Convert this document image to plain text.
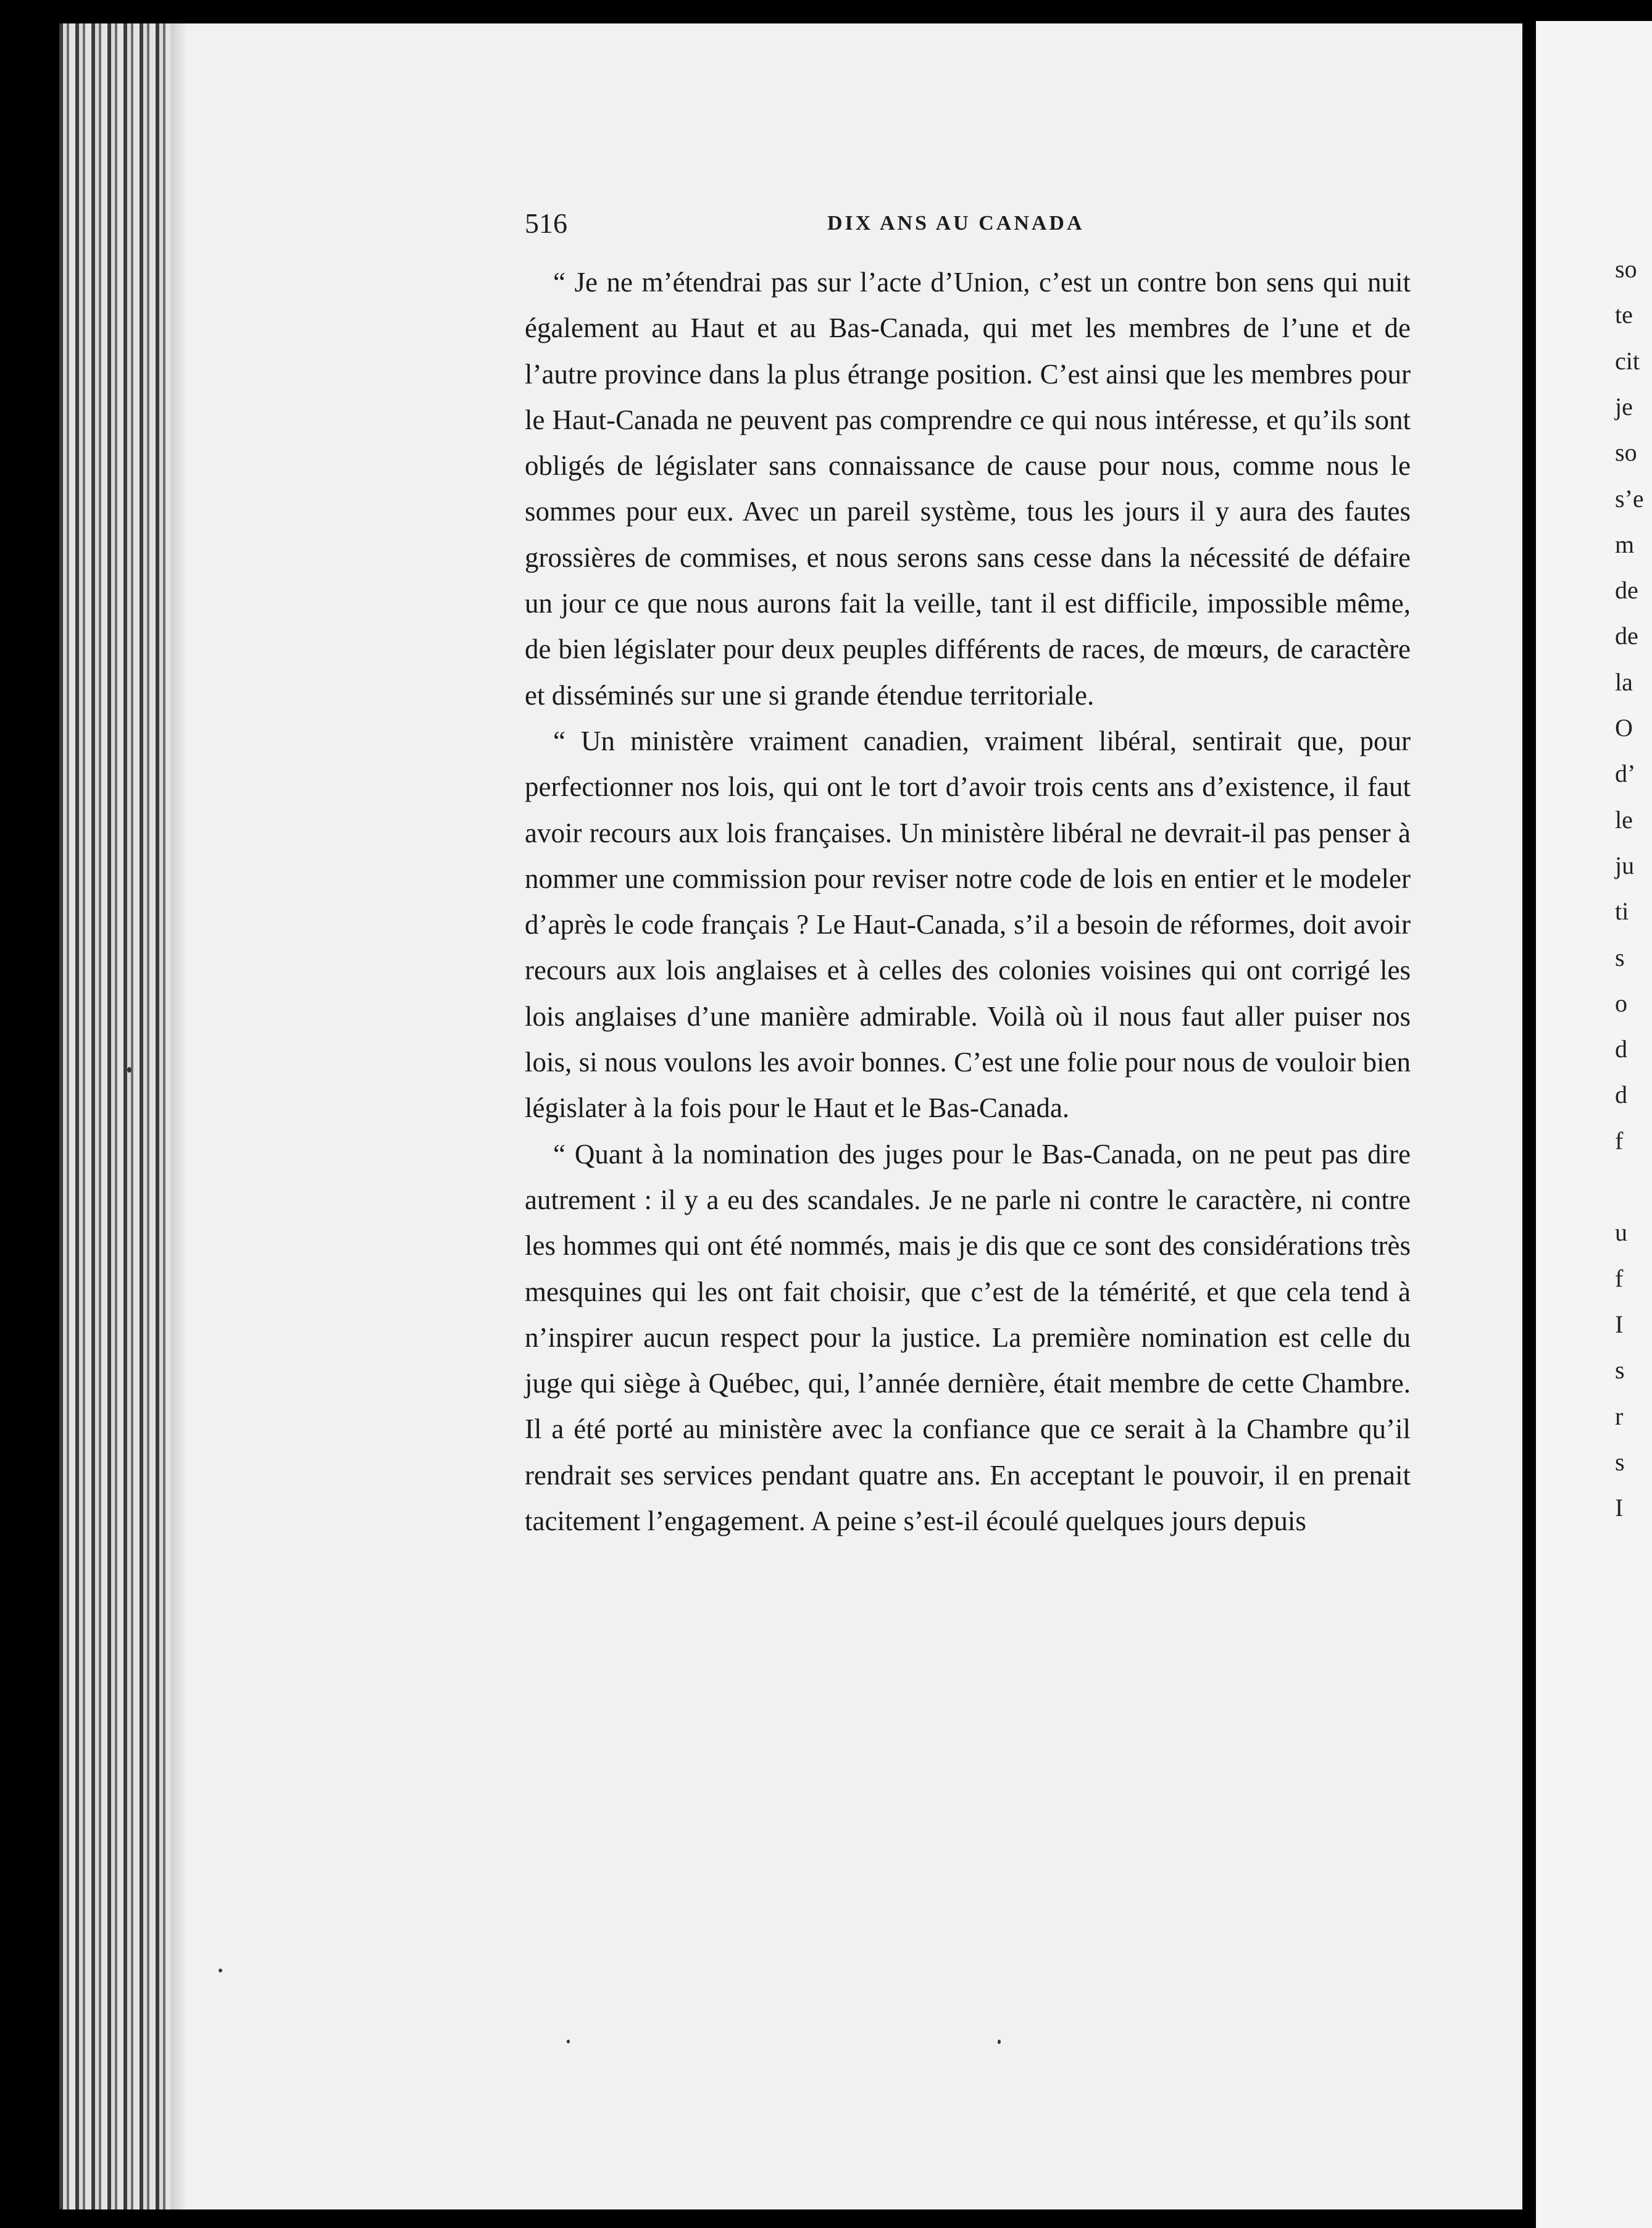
516	DIX ANS AU CANADA

“ Je ne m’étendrai pas sur l’acte d’Union, c’est un contre bon sens qui nuit également au Haut et au Bas-Canada, qui met les membres de l’une et de l’autre province dans la plus étrange position. C’est ainsi que les membres pour le Haut-Canada ne peuvent pas comprendre ce qui nous intéresse, et qu’ils sont obligés de législater sans connaissance de cause pour nous, comme nous le sommes pour eux. Avec un pareil système, tous les jours il y aura des fautes grossières de commises, et nous serons sans cesse dans la nécessité de défaire un jour ce que nous aurons fait la veille, tant il est difficile, impossible même, de bien législater pour deux peuples différents de races, de mœurs, de caractère et disséminés sur une si grande étendue territoriale.

“ Un ministère vraiment canadien, vraiment libéral, sentirait que, pour perfectionner nos lois, qui ont le tort d’avoir trois cents ans d’existence, il faut avoir recours aux lois françaises. Un ministère libéral ne devrait-il pas penser à nommer une commission pour reviser notre code de lois en entier et le modeler d’après le code français ? Le Haut-Canada, s’il a besoin de réformes, doit avoir recours aux lois anglaises et à celles des colonies voisines qui ont corrigé les lois anglaises d’une manière admirable. Voilà où il nous faut aller puiser nos lois, si nous voulons les avoir bonnes. C’est une folie pour nous de vouloir bien législater à la fois pour le Haut et le Bas-Canada.

“ Quant à la nomination des juges pour le Bas-Canada, on ne peut pas dire autrement : il y a eu des scandales. Je ne parle ni contre le caractère, ni contre les hommes qui ont été nommés, mais je dis que ce sont des considérations très mesquines qui les ont fait choisir, que c’est de la témérité, et que cela tend à n’inspirer aucun respect pour la justice. La première nomination est celle du juge qui siège à Québec, qui, l’année dernière, était membre de cette Chambre. Il a été porté au ministère avec la confiance que ce serait à la Chambre qu’il rendrait ses services pendant quatre ans. En acceptant le pouvoir, il en prenait tacitement l’engagement. A peine s’est-il écoulé quelques jours depuis

so
te
cit
je
so
s’e
m
de
de
la
O
d’
le
ju
ti
s
o
d
d
f
u
f
I
s
r
s
I
